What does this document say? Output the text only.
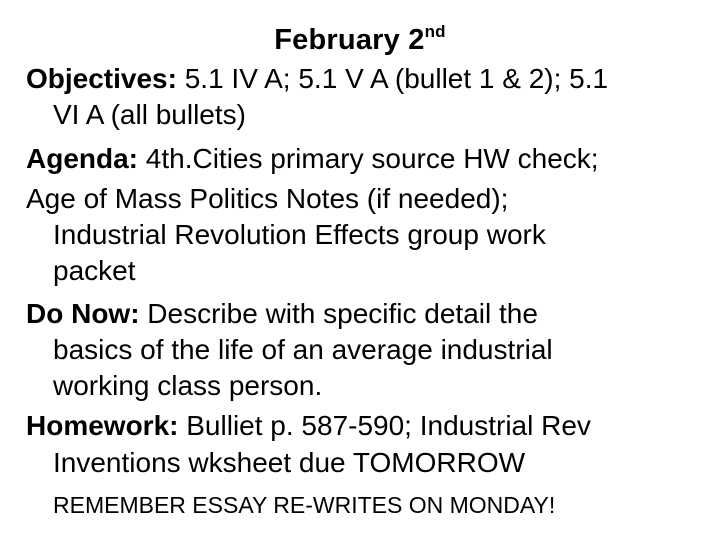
February 2nd
Objectives: 5.1 IV A; 5.1 V A (bullet 1 & 2); 5.1
VI A (all bullets)
Agenda: 4th.Cities primary source HW check;
Age of Mass Politics Notes (if needed);
Industrial Revolution Effects group work
packet
Do Now: Describe with specific detail the
basics of the life of an average industrial
working class person.
Homework: Bulliet p. 587-590; Industrial Rev
Inventions wksheet due TOMORROW
REMEMBER ESSAY RE-WRITES ON MONDAY!
